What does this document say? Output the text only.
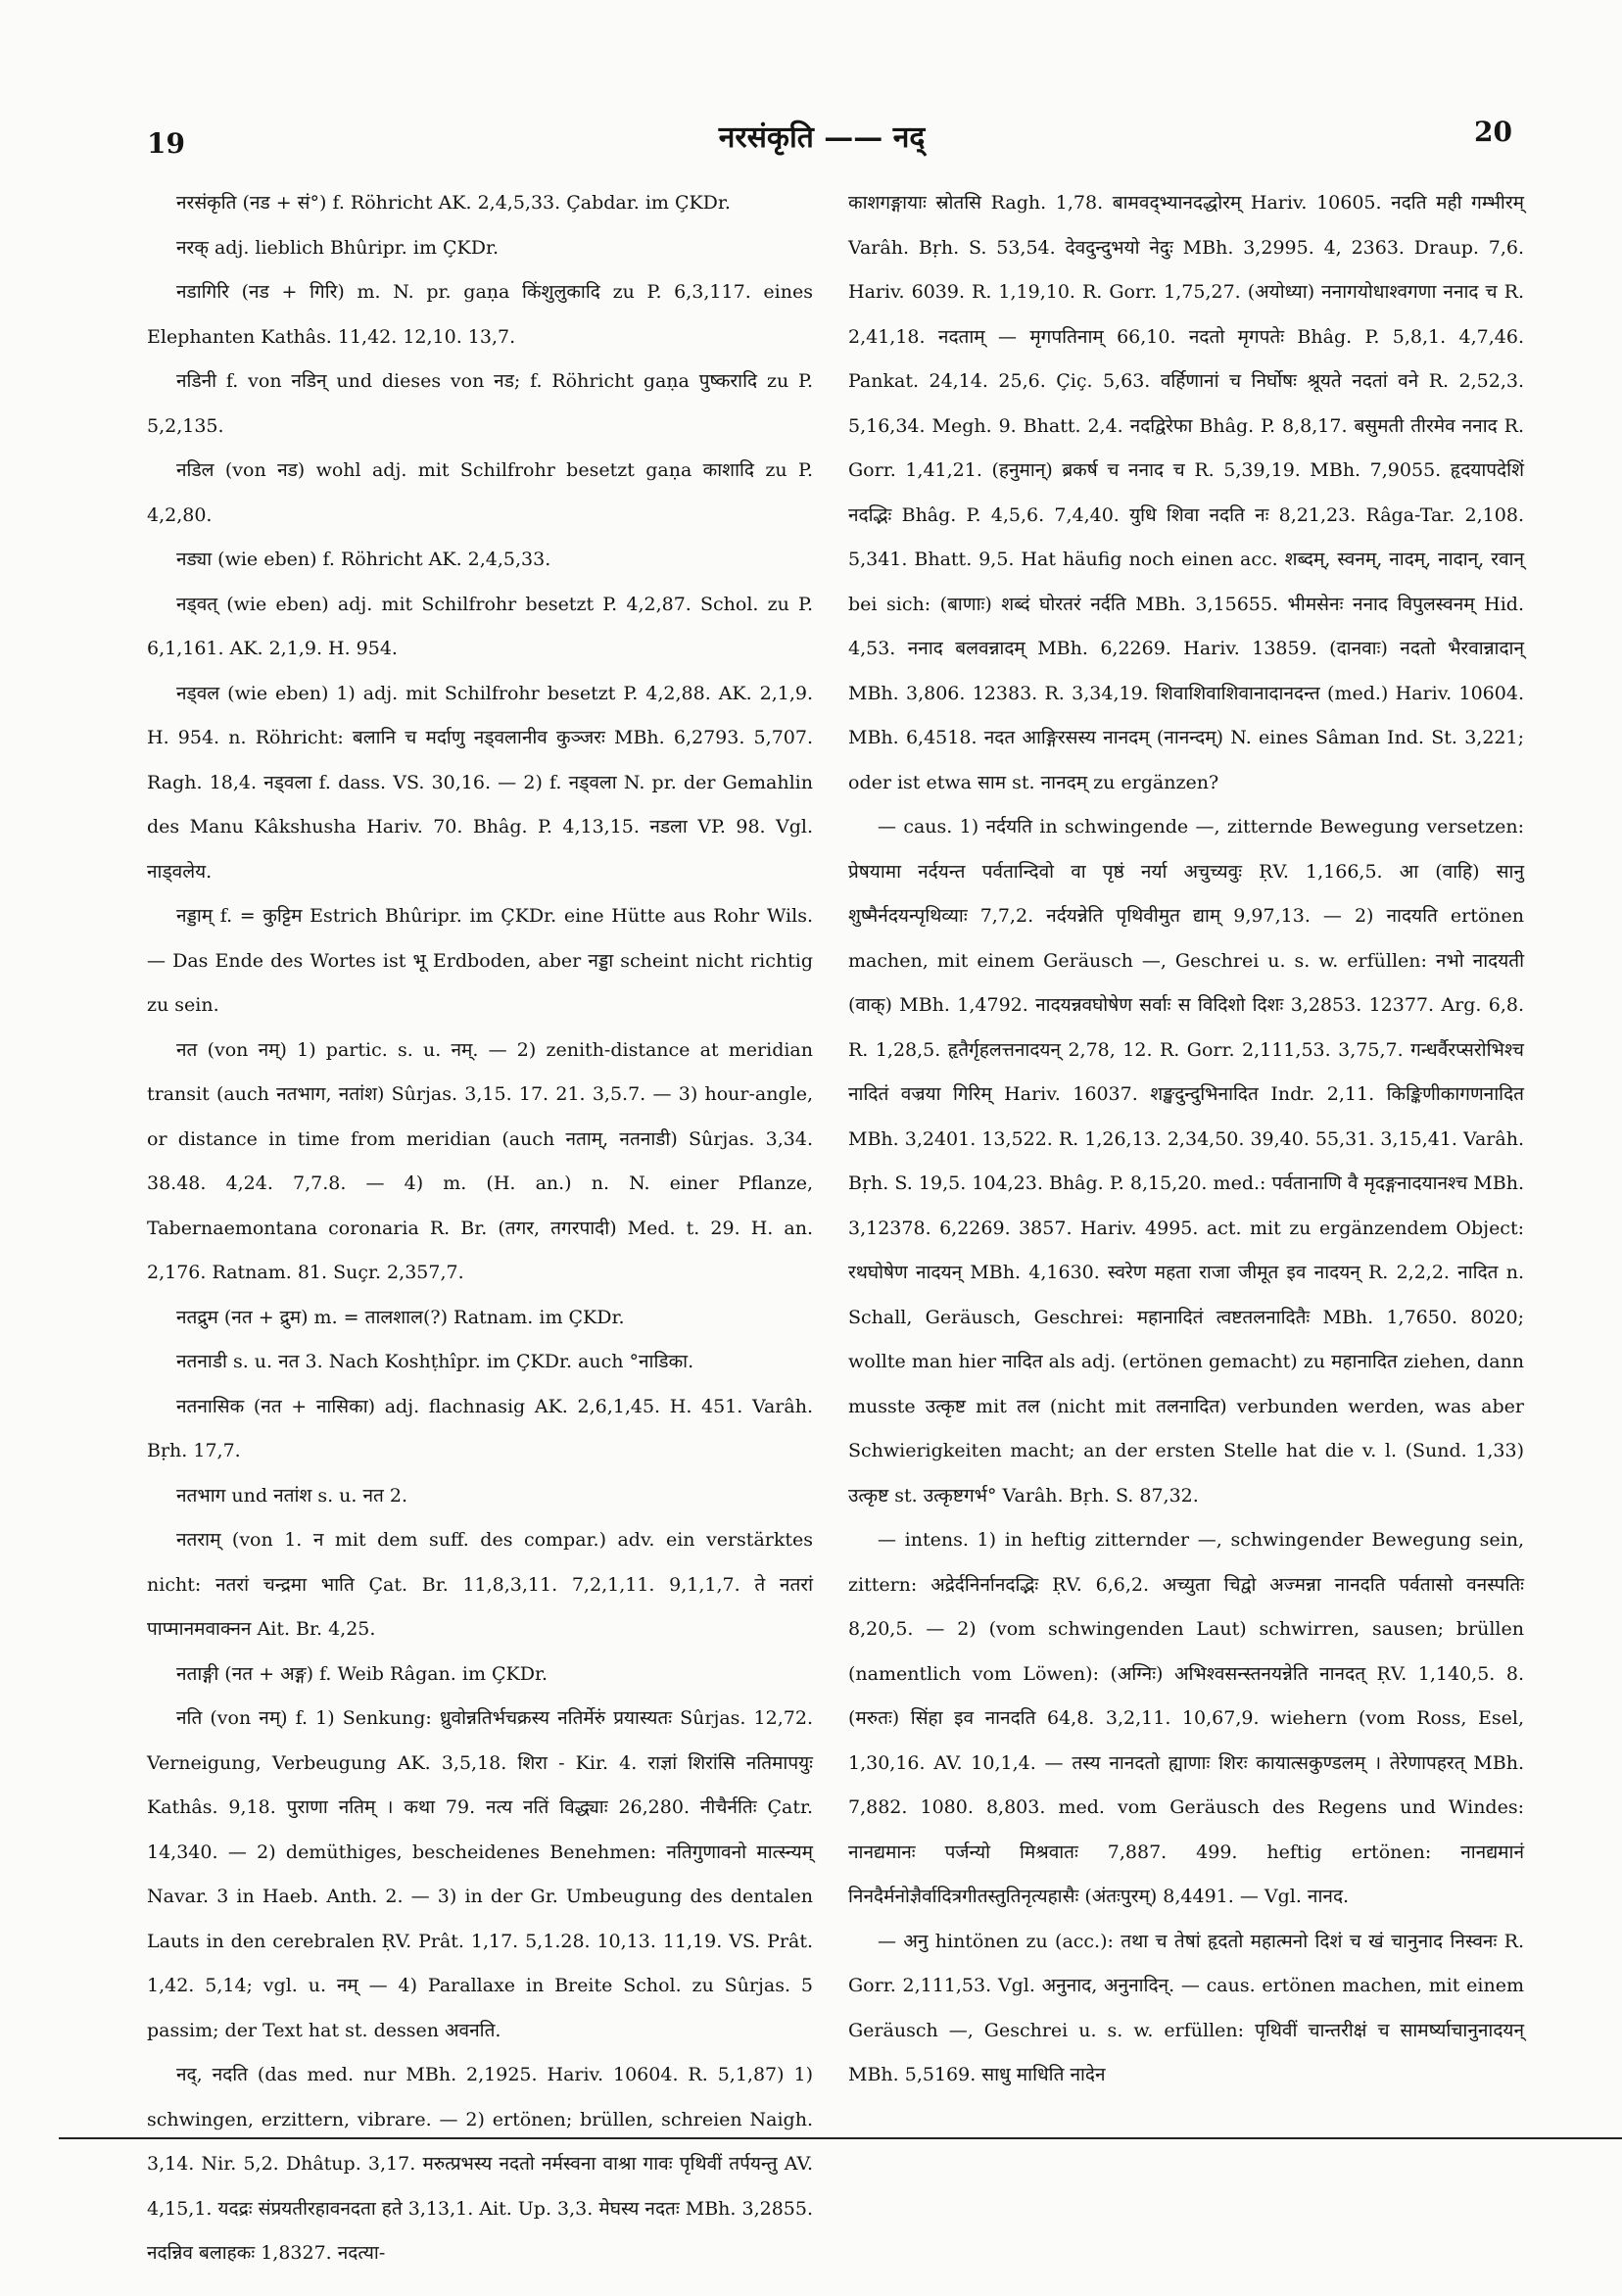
19	नरसंकृति —— नद्	20

नरसंकृति (नड + सं°) f. Röhricht AK. 2,4,5,33. Çabdar. im ÇKDr.

नरक् adj. lieblich Bhûripr. im ÇKDr.

नडागिरि (नड + गिरि) m. N. pr. gaṇa किंशुलुकादि zu P. 6,3,117. eines Elephanten Kathâs. 11,42. 12,10. 13,7.

नडिनी f. von नडिन् und dieses von नड; f. Röhricht gaṇa पुष्करादि zu P. 5,2,135.

नडिल (von नड) wohl adj. mit Schilfrohr besetzt gaṇa काशादि zu P. 4,2,80.

नड्या (wie eben) f. Röhricht AK. 2,4,5,33.

नड्वत् (wie eben) adj. mit Schilfrohr besetzt P. 4,2,87. Schol. zu P. 6,1,161. AK. 2,1,9. H. 954.

नड्वल (wie eben) 1) adj. mit Schilfrohr besetzt P. 4,2,88. AK. 2,1,9. H. 954. n. Röhricht: बलानि च मर्दाणु नड्वलानीव कुञ्जरः MBh. 6,2793. 5,707. Ragh. 18,4. नड्वला f. dass. VS. 30,16. — 2) f. नड्वला N. pr. der Gemahlin des Manu Kâkshusha Hariv. 70. Bhâg. P. 4,13,15. नडला VP. 98. Vgl. नाड्वलेय.

नड्डाम् f. = कुट्टिम Estrich Bhûripr. im ÇKDr. eine Hütte aus Rohr Wils. — Das Ende des Wortes ist भू Erdboden, aber नड्डा scheint nicht richtig zu sein.

नत (von नम्) 1) partic. s. u. नम्. — 2) zenith-distance at meridian transit (auch नतभाग, नतांश) Sûrjas. 3,15. 17. 21. 3,5.7. — 3) hour-angle, or distance in time from meridian (auch नताम्, नतनाडी) Sûrjas. 3,34. 38.48. 4,24. 7,7.8. — 4) m. (H. an.) n. N. einer Pflanze, Tabernaemontana coronaria R. Br. (तगर, तगरपादी) Med. t. 29. H. an. 2,176. Ratnam. 81. Suçr. 2,357,7.

नतद्रुम (नत + द्रुम) m. = तालशाल(?) Ratnam. im ÇKDr.

नतनाडी s. u. नत 3. Nach Koshṭhîpr. im ÇKDr. auch °नाडिका.

नतनासिक (नत + नासिका) adj. flachnasig AK. 2,6,1,45. H. 451. Varâh. Bṛh. 17,7.

नतभाग und नतांश s. u. नत 2.

नतराम् (von 1. न mit dem suff. des compar.) adv. ein verstärktes nicht: नतरां चन्द्रमा भाति Çat. Br. 11,8,3,11. 7,2,1,11. 9,1,1,7. ते नतरां पाप्मानमवाक्नन Ait. Br. 4,25.

नताङ्गी (नत + अङ्ग) f. Weib Râgan. im ÇKDr.

नति (von नम्) f. 1) Senkung: ध्रुवोन्नतिर्भचक्रस्य नतिर्मेरुं प्रयास्यतः Sûrjas. 12,72. Verneigung, Verbeugung AK. 3,5,18. शिरा - Kir. 4. राज्ञां शिरांसि नतिमापयुः Kathâs. 9,18. पुराणा नतिम् । कथा 79. नत्य नतिं विद्ध्याः 26,280. नीचैर्नतिः Çatr. 14,340. — 2) demüthiges, bescheidenes Benehmen: नतिगुणावनो मात्स्न्यम् Navar. 3 in Haeb. Anth. 2. — 3) in der Gr. Umbeugung des dentalen Lauts in den cerebralen ṚV. Prât. 1,17. 5,1.28. 10,13. 11,19. VS. Prât. 1,42. 5,14; vgl. u. नम् — 4) Parallaxe in Breite Schol. zu Sûrjas. 5 passim; der Text hat st. dessen अवनति.

नद्, नदति (das med. nur MBh. 2,1925. Hariv. 10604. R. 5,1,87) 1) schwingen, erzittern, vibrare. — 2) ertönen; brüllen, schreien Naigh. 3,14. Nir. 5,2. Dhâtup. 3,17. मरुत्प्रभस्य नदतो नर्मस्वना वाश्रा गावः पृथिवीं तर्पयन्तु AV. 4,15,1. यदद्रः संप्रयतीरहावनदता हते 3,13,1. Ait. Up. 3,3. मेघस्य नदतः MBh. 3,2855. नदन्निव बलाहकः 1,8327. नदत्या-

काशगङ्गायाः स्रोतसि Ragh. 1,78. बामवद्भ्यानदद्धोरम् Hariv. 10605. नदति मही गम्भीरम् Varâh. Bṛh. S. 53,54. देवदुन्दुभयो नेदुः MBh. 3,2995. 4, 2363. Draup. 7,6. Hariv. 6039. R. 1,19,10. R. Gorr. 1,75,27. (अयोध्या) ननागयोधाश्वगणा ननाद च R. 2,41,18. नदताम् — मृगपतिनाम् 66,10. नदतो मृगपतेः Bhâg. P. 5,8,1. 4,7,46. Pankat. 24,14. 25,6. Çiç. 5,63. वर्हिणानां च निर्घोषः श्रूयते नदतां वने R. 2,52,3. 5,16,34. Megh. 9. Bhatt. 2,4. नदद्विरेफा Bhâg. P. 8,8,17. बसुमती तीरमेव ननाद R. Gorr. 1,41,21. (हनुमान्) ब्रकर्ष च ननाद च R. 5,39,19. MBh. 7,9055. हृदयापदेशिं नदद्भिः Bhâg. P. 4,5,6. 7,4,40. युधि शिवा नदति नः 8,21,23. Râga-Tar. 2,108. 5,341. Bhatt. 9,5. Hat häufig noch einen acc. शब्दम्, स्वनम्, नादम्, नादान्, रवान् bei sich: (बाणाः) शब्दं घोरतरं नर्दति MBh. 3,15655. भीमसेनः ननाद विपुलस्वनम् Hid. 4,53. ननाद बलवन्नादम् MBh. 6,2269. Hariv. 13859. (दानवाः) नदतो भैरवान्नादान् MBh. 3,806. 12383. R. 3,34,19. शिवाशिवाशिवानादानदन्त (med.) Hariv. 10604. MBh. 6,4518. नदत आङ्गिरसस्य नानदम् (नानन्दम्) N. eines Sâman Ind. St. 3,221; oder ist etwa साम st. नानदम् zu ergänzen?

— caus. 1) नर्दयति in schwingende —, zitternde Bewegung versetzen: प्रेषयामा नर्दयन्त पर्वतान्दिवो वा पृष्ठं नर्या अचुच्यवुः ṚV. 1,166,5. आ (वाहि) सानु शुष्मैर्नदयन्पृथिव्याः 7,7,2. नर्दयन्नेति पृथिवीमुत द्याम् 9,97,13. — 2) नादयति ertönen machen, mit einem Geräusch —, Geschrei u. s. w. erfüllen: नभो नादयती (वाक्) MBh. 1,4792. नादयन्नवघोषेण सर्वाः स विदिशो दिशः 3,2853. 12377. Arg. 6,8. R. 1,28,5. हृतैर्गृहलत्तनादयन् 2,78, 12. R. Gorr. 2,111,53. 3,75,7. गन्धर्वैरप्सरोभिश्च नादितं वज्रया गिरिम् Hariv. 16037. शङ्खदुन्दुभिनादित Indr. 2,11. किङ्किणीकागणनादित MBh. 3,2401. 13,522. R. 1,26,13. 2,34,50. 39,40. 55,31. 3,15,41. Varâh. Bṛh. S. 19,5. 104,23. Bhâg. P. 8,15,20. med.: पर्वतानाणि वै मृदङ्गनादयानश्च MBh. 3,12378. 6,2269. 3857. Hariv. 4995. act. mit zu ergänzendem Object: रथघोषेण नादयन् MBh. 4,1630. स्वरेण महता राजा जीमूत इव नादयन् R. 2,2,2. नादित n. Schall, Geräusch, Geschrei: महानादितं त्वष्टतलनादितैः MBh. 1,7650. 8020; wollte man hier नादित als adj. (ertönen gemacht) zu महानादित ziehen, dann musste उत्कृष्ट mit तल (nicht mit तलनादित) verbunden werden, was aber Schwierigkeiten macht; an der ersten Stelle hat die v. l. (Sund. 1,33) उत्कृष्ट st. उत्कृष्टगर्भ° Varâh. Bṛh. S. 87,32.

— intens. 1) in heftig zitternder —, schwingender Bewegung sein, zittern: अद्रेर्दनिर्नानदद्भिः ṚV. 6,6,2. अच्युता चिद्वो अज्मन्ना नानदति पर्वतासो वनस्पतिः 8,20,5. — 2) (vom schwingenden Laut) schwirren, sausen; brüllen (namentlich vom Löwen): (अग्निः) अभिश्वसन्स्तनयन्नेति नानदत् ṚV. 1,140,5. 8. (मरुतः) सिंहा इव नानदति 64,8. 3,2,11. 10,67,9. wiehern (vom Ross, Esel, 1,30,16. AV. 10,1,4. — तस्य नानदतो ह्याणाः शिरः कायात्सकुण्डलम् । तेरेणापहरत् MBh. 7,882. 1080. 8,803. med. vom Geräusch des Regens und Windes: नानद्यमानः पर्जन्यो मिश्रवातः 7,887. 499. heftig ertönen: नानद्यमानं निनदैर्मनोज्ञैर्वादित्रगीतस्तुतिनृत्यहासैः (अंतःपुरम्) 8,4491. — Vgl. नानद.

— अनु hintönen zu (acc.): तथा च तेषां हृदतो महात्मनो दिशं च खं चानुनाद निस्वनः R. Gorr. 2,111,53. Vgl. अनुनाद, अनुनादिन्. — caus. ertönen machen, mit einem Geräusch —, Geschrei u. s. w. erfüllen: पृथिवीं चान्तरीक्षं च सामर्ष्याचानुनादयन् MBh. 5,5169. साधु माधिति नादेन
